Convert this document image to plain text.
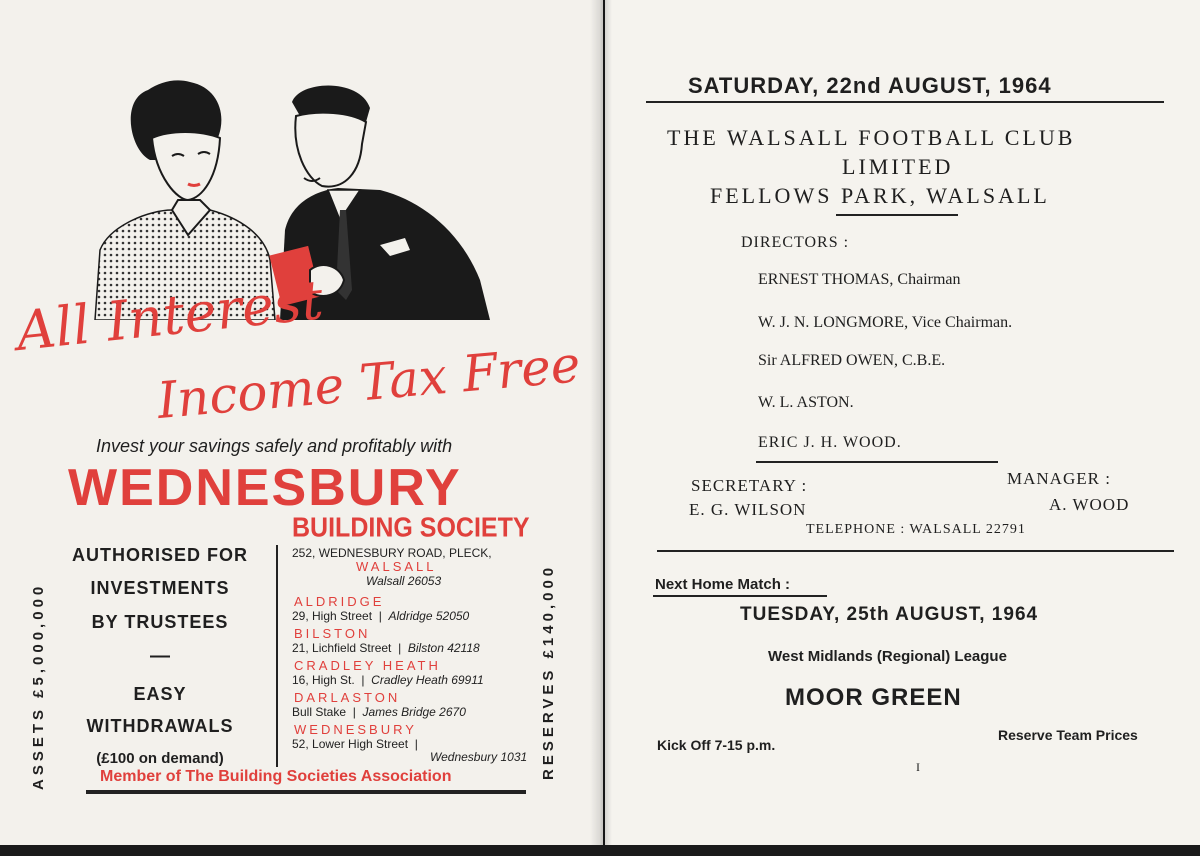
All Interest
Income Tax Free
Invest your savings safely and profitably with
WEDNESBURY
ASSETS £5,000,000	RESERVES £140,000
AUTHORISED FOR
INVESTMENTS
BY TRUSTEES
—
EASY
WITHDRAWALS
(£100 on demand)
BUILDING SOCIETY
252, WEDNESBURY ROAD, PLECK,
WALSALL
Walsall 26053
ALDRIDGE
29, High Street  |  Aldridge 52050
BILSTON
21, Lichfield Street  |  Bilston 42118
CRADLEY HEATH
16, High St.  |  Cradley Heath 69911
DARLASTON
Bull Stake  |  James Bridge 2670
WEDNESBURY
52, Lower High Street  |
Wednesbury 1031
Member of The Building Societies Association
SATURDAY, 22nd AUGUST, 1964
THE WALSALL FOOTBALL CLUB
LIMITED
FELLOWS PARK, WALSALL
DIRECTORS :
ERNEST THOMAS, Chairman
W. J. N. LONGMORE, Vice Chairman.
Sir ALFRED OWEN, C.B.E.
W. L. ASTON.
ERIC J. H. WOOD.
SECRETARY :
E. G. WILSON
MANAGER :
A. WOOD
TELEPHONE : WALSALL 22791
Next Home Match :
TUESDAY, 25th AUGUST, 1964
West Midlands (Regional) League
MOOR GREEN
Kick Off 7-15 p.m.
Reserve Team Prices
I
